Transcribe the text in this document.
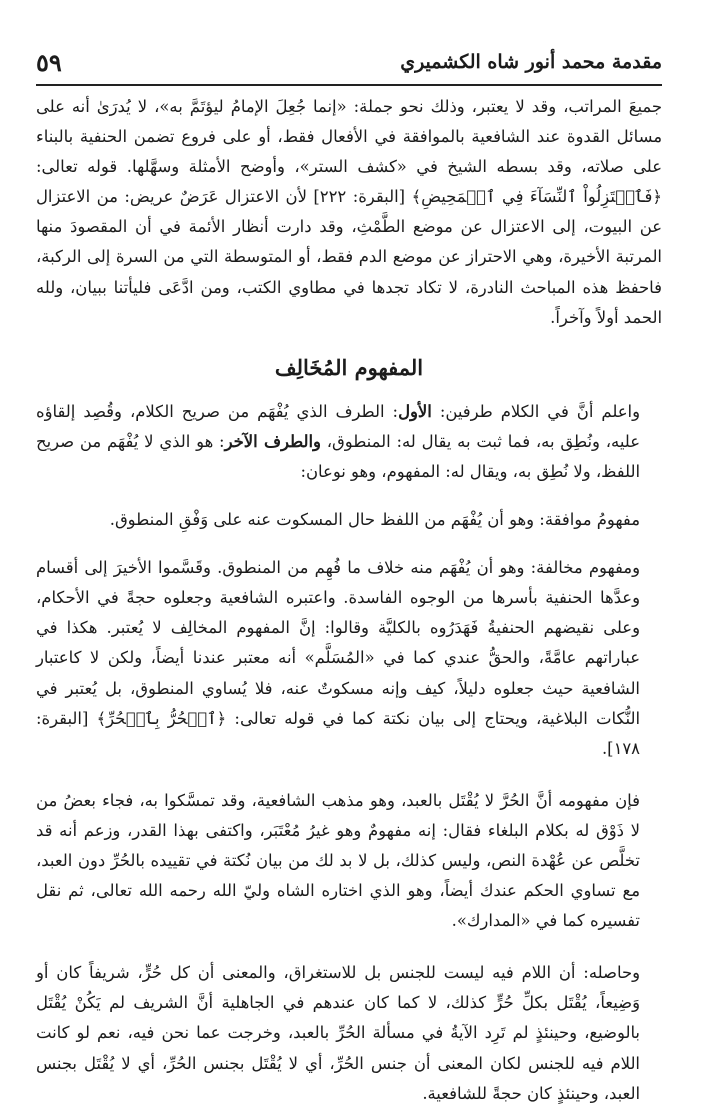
مقدمة محمد أنور شاه الكشميري
٥٩

جميعَ المراتب، وقد لا يعتبر، وذلك نحو جملة: «إنما جُعِلَ الإمامُ ليؤتَمَّ به»، لا يُدرَىٰ أنه على مسائل القدوة عند الشافعية بالموافقة في الأفعال فقط، أو على فروع تضمن الحنفية بالبناء على صلاته، وقد بسطه الشيخ في «كشف الستر»، وأوضح الأمثلة وسهَّلها. قوله تعالى: ﴿فَٱعۡتَزِلُواْ ٱلنِّسَآءَ فِي ٱلۡمَحِيضِ﴾ [البقرة: ٢٢٢] لأن الاعتزال عَرَضٌ عريض: من الاعتزال عن البيوت، إلى الاعتزال عن موضع الطَّمْثِ، وقد دارت أنظار الأئمة في أن المقصودَ منها المرتبة الأخيرة، وهي الاحتراز عن موضع الدم فقط، أو المتوسطة التي من السرة إلى الركبة، فاحفظ هذه المباحث النادرة، لا تكاد تجدها في مطاوي الكتب، ومن ادَّعَى فليأتنا ببيان، ولله الحمد أولاً وآخراً.

المفهوم المُخَالِف

واعلم أنَّ في الكلام طرفين: الأول: الطرف الذي يُفْهَم من صريح الكلام، وقُصِد إلقاؤه عليه، ونُطِق به، فما ثبت به يقال له: المنطوق، والطرف الآخر: هو الذي لا يُفْهَم من صريح اللفظ، ولا نُطِق به، ويقال له: المفهوم، وهو نوعان:

مفهومُ موافقة: وهو أن يُفْهَم من اللفظ حال المسكوت عنه على وَفْقِ المنطوق.

ومفهوم مخالفة: وهو أن يُفْهَم منه خلاف ما فُهِم من المنطوق. وقَسَّموا الأخيرَ إلى أقسام وعدَّها الحنفية بأسرها من الوجوه الفاسدة. واعتبره الشافعية وجعلوه حجةً في الأحكام، وعلى نقيضهم الحنفيةُ فَهَدَرُوه بالكليَّة وقالوا: إنَّ المفهوم المخالِف لا يُعتبر. هكذا في عباراتهم عامَّةً، والحقُّ عندي كما في «المُسَلَّم» أنه معتبر عندنا أيضاً، ولكن لا كاعتبار الشافعية حيث جعلوه دليلاً، كيف وإنه مسكوتٌ عنه، فلا يُساوي المنطوق، بل يُعتبر في النُّكات البلاغية، ويحتاج إلى بيان نكتة كما في قوله تعالى: ﴿ٱلۡحُرُّ بِٱلۡحُرِّ﴾ [البقرة: ١٧٨].

فإن مفهومه أنَّ الحُرَّ لا يُقْتَل بالعبد، وهو مذهب الشافعية، وقد تمسَّكوا به، فجاء بعضُ من لا ذَوْق له بكلام البلغاء فقال: إنه مفهومٌ وهو غيرُ مُعْتَبَر، واكتفى بهذا القدر، وزعم أنه قد تخلَّص عن عُهْدة النص، وليس كذلك، بل لا بد لك من بيان نُكتة في تقييده بالحُرِّ دون العبد، مع تساوي الحكم عندك أيضاً، وهو الذي اختاره الشاه وليّ الله رحمه الله تعالى، ثم نقل تفسيره كما في «المدارك».

وحاصله: أن اللام فيه ليست للجنس بل للاستغراق، والمعنى أن كل حُرٍّ، شريفاً كان أو وَضِيعاً، يُقْتَل بكلِّ حُرٍّ كذلك، لا كما كان عندهم في الجاهلية أنَّ الشريف لم يَكُنْ يُقْتَل بالوضيع، وحينئذٍ لم تَرِد الآيةُ في مسألة الحُرِّ بالعبد، وخرجت عما نحن فيه، نعم لو كانت اللام فيه للجنس لكان المعنى أن جنس الحُرِّ، أي لا يُقْتَل بجنس الحُرِّ، أي لا يُقْتَل بجنس العبد، وحينئذٍ كان حجةً للشافعية.
